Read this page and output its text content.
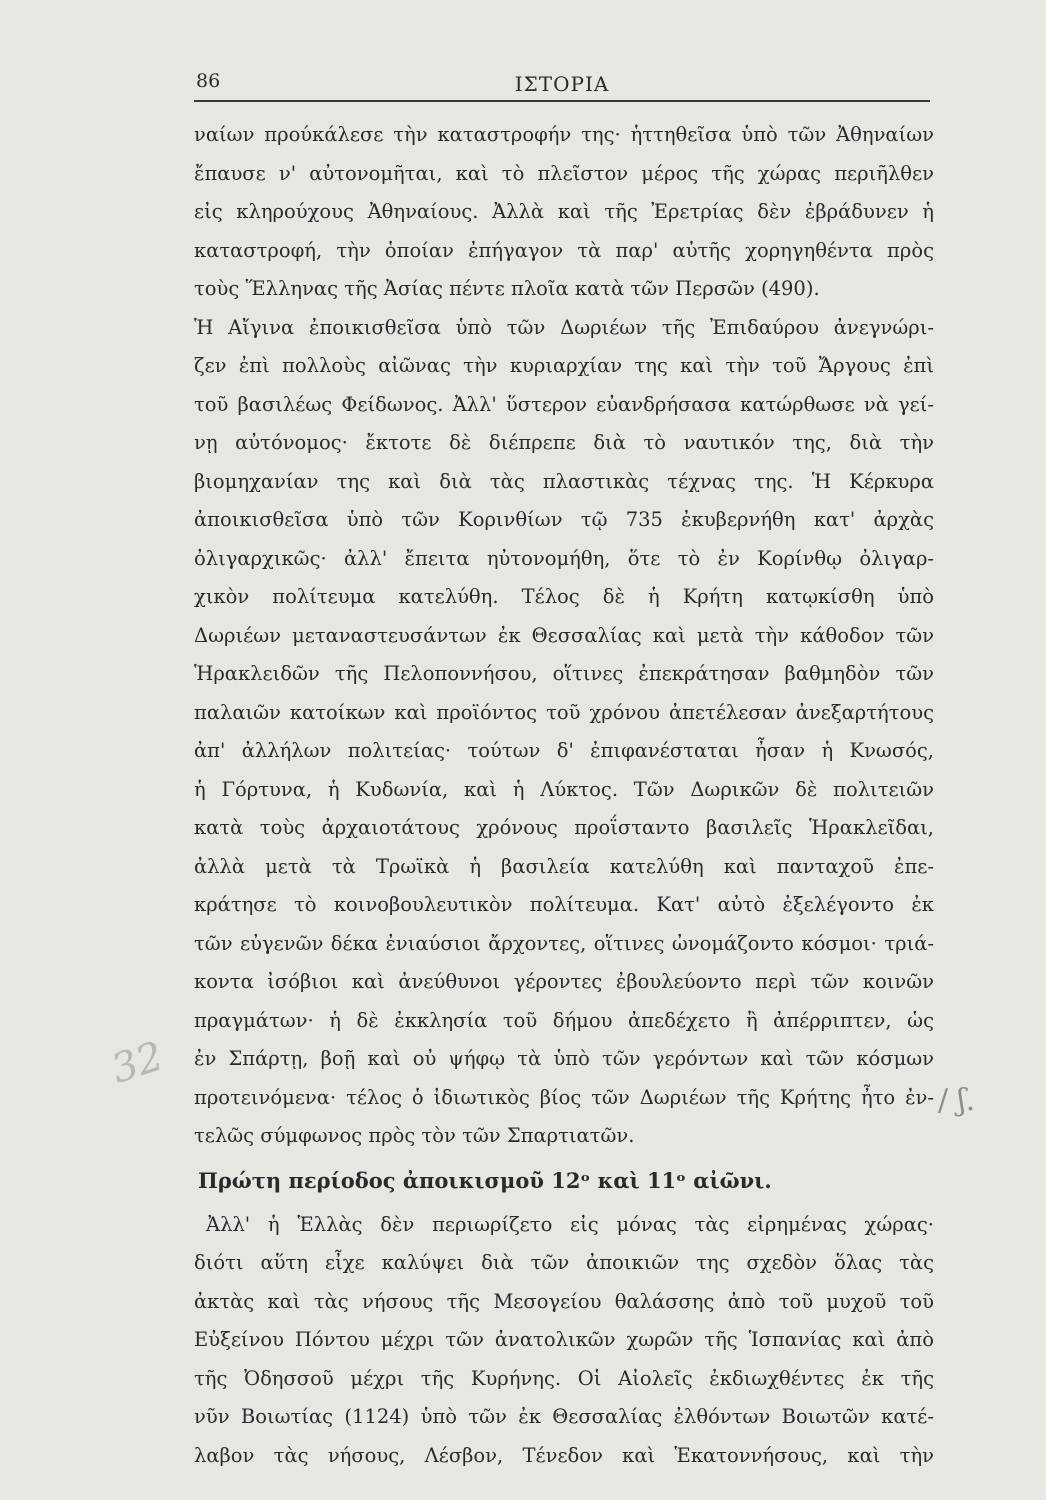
86	ΙΣΤΟΡΙΑ
ναίων προύκάλεσε τὴν καταστροφήν της· ἡττηθεῖσα ὑπὸ τῶν Ἀθηναίων
ἔπαυσε ν' αὐτονομῆται, καὶ τὸ πλεῖστον μέρος τῆς χώρας περιῆλθεν
εἰς κληρούχους Ἀθηναίους. Ἀλλὰ καὶ τῆς Ἐρετρίας δὲν ἐβράδυνεν ἡ
καταστροφή, τὴν ὁποίαν ἐπήγαγον τὰ παρ' αὐτῆς χορηγηθέντα πρὸς
τοὺς Ἕλληνας τῆς Ἀσίας πέντε πλοῖα κατὰ τῶν Περσῶν (490).
Ἡ Αἴγινα ἐποικισθεῖσα ὑπὸ τῶν Δωριέων τῆς Ἐπιδαύρου ἀνεγνώρι-
ζεν ἐπὶ πολλοὺς αἰῶνας τὴν κυριαρχίαν της καὶ τὴν τοῦ Ἄργους ἐπὶ
τοῦ βασιλέως Φείδωνος. Ἀλλ' ὕστερον εὐανδρήσασα κατώρθωσε νὰ γεί-
νῃ αὐτόνομος· ἔκτοτε δὲ διέπρεπε διὰ τὸ ναυτικόν της, διὰ τὴν
βιομηχανίαν της καὶ διὰ τὰς πλαστικὰς τέχνας της. Ἡ Κέρκυρα
ἀποικισθεῖσα ὑπὸ τῶν Κορινθίων τῷ 735 ἐκυβερνήθη κατ' ἀρχὰς
ὀλιγαρχικῶς· ἀλλ' ἔπειτα ηὐτονομήθη, ὅτε τὸ ἐν Κορίνθῳ ὀλιγαρ-
χικὸν πολίτευμα κατελύθη. Τέλος δὲ ἡ Κρήτη κατῳκίσθη ὑπὸ
Δωριέων μεταναστευσάντων ἐκ Θεσσαλίας καὶ μετὰ τὴν κάθοδον τῶν
Ἡρακλειδῶν τῆς Πελοποννήσου, οἵτινες ἐπεκράτησαν βαθμηδὸν τῶν
παλαιῶν κατοίκων καὶ προϊόντος τοῦ χρόνου ἀπετέλεσαν ἀνεξαρτήτους
ἀπ' ἀλλήλων πολιτείας· τούτων δ' ἐπιφανέσταται ἦσαν ἡ Κνωσός,
ἡ Γόρτυνα, ἡ Κυδωνία, καὶ ἡ Λύκτος. Τῶν Δωρικῶν δὲ πολιτειῶν
κατὰ τοὺς ἀρχαιοτάτους χρόνους προΐσταντο βασιλεῖς Ἡρακλεῖδαι,
ἀλλὰ μετὰ τὰ Τρωϊκὰ ἡ βασιλεία κατελύθη καὶ πανταχοῦ ἐπε-
κράτησε τὸ κοινοβουλευτικὸν πολίτευμα. Κατ' αὐτὸ ἐξελέγοντο ἐκ
τῶν εὐγενῶν δέκα ἐνιαύσιοι ἄρχοντες, οἵτινες ὠνομάζοντο κόσμοι· τριά-
κοντα ἰσόβιοι καὶ ἀνεύθυνοι γέροντες ἐβουλεύοντο περὶ τῶν κοινῶν
πραγμάτων· ἡ δὲ ἐκκλησία τοῦ δήμου ἀπεδέχετο ἢ ἀπέρριπτεν, ὡς
ἐν Σπάρτῃ, βοῇ καὶ οὐ ψήφῳ τὰ ὑπὸ τῶν γερόντων καὶ τῶν κόσμων
προτεινόμενα· τέλος ὁ ἰδιωτικὸς βίος τῶν Δωριέων τῆς Κρήτης ἦτο ἐν-
τελῶς σύμφωνος πρὸς τὸν τῶν Σπαρτιατῶν.
Πρώτη περίοδος ἀποικισμοῦ 12ᵒ καὶ 11ᵒ αἰῶνι.
Ἀλλ' ἡ Ἑλλὰς δὲν περιωρίζετο εἰς μόνας τὰς εἰρημένας χώρας·
διότι αὕτη εἶχε καλύψει διὰ τῶν ἀποικιῶν της σχεδὸν ὅλας τὰς
ἀκτὰς καὶ τὰς νήσους τῆς Μεσογείου θαλάσσης ἀπὸ τοῦ μυχοῦ τοῦ
Εὐξείνου Πόντου μέχρι τῶν ἀνατολικῶν χωρῶν τῆς Ἱσπανίας καὶ ἀπὸ
τῆς Ὀδησσοῦ μέχρι τῆς Κυρήνης. Οἱ Αἰολεῖς ἐκδιωχθέντες ἐκ τῆς
νῦν Βοιωτίας (1124) ὑπὸ τῶν ἐκ Θεσσαλίας ἐλθόντων Βοιωτῶν κατέ-
λαβον τὰς νήσους, Λέσβον, Τένεδον καὶ Ἑκατοννήσους, καὶ τὴν
32
/ ʃ.
